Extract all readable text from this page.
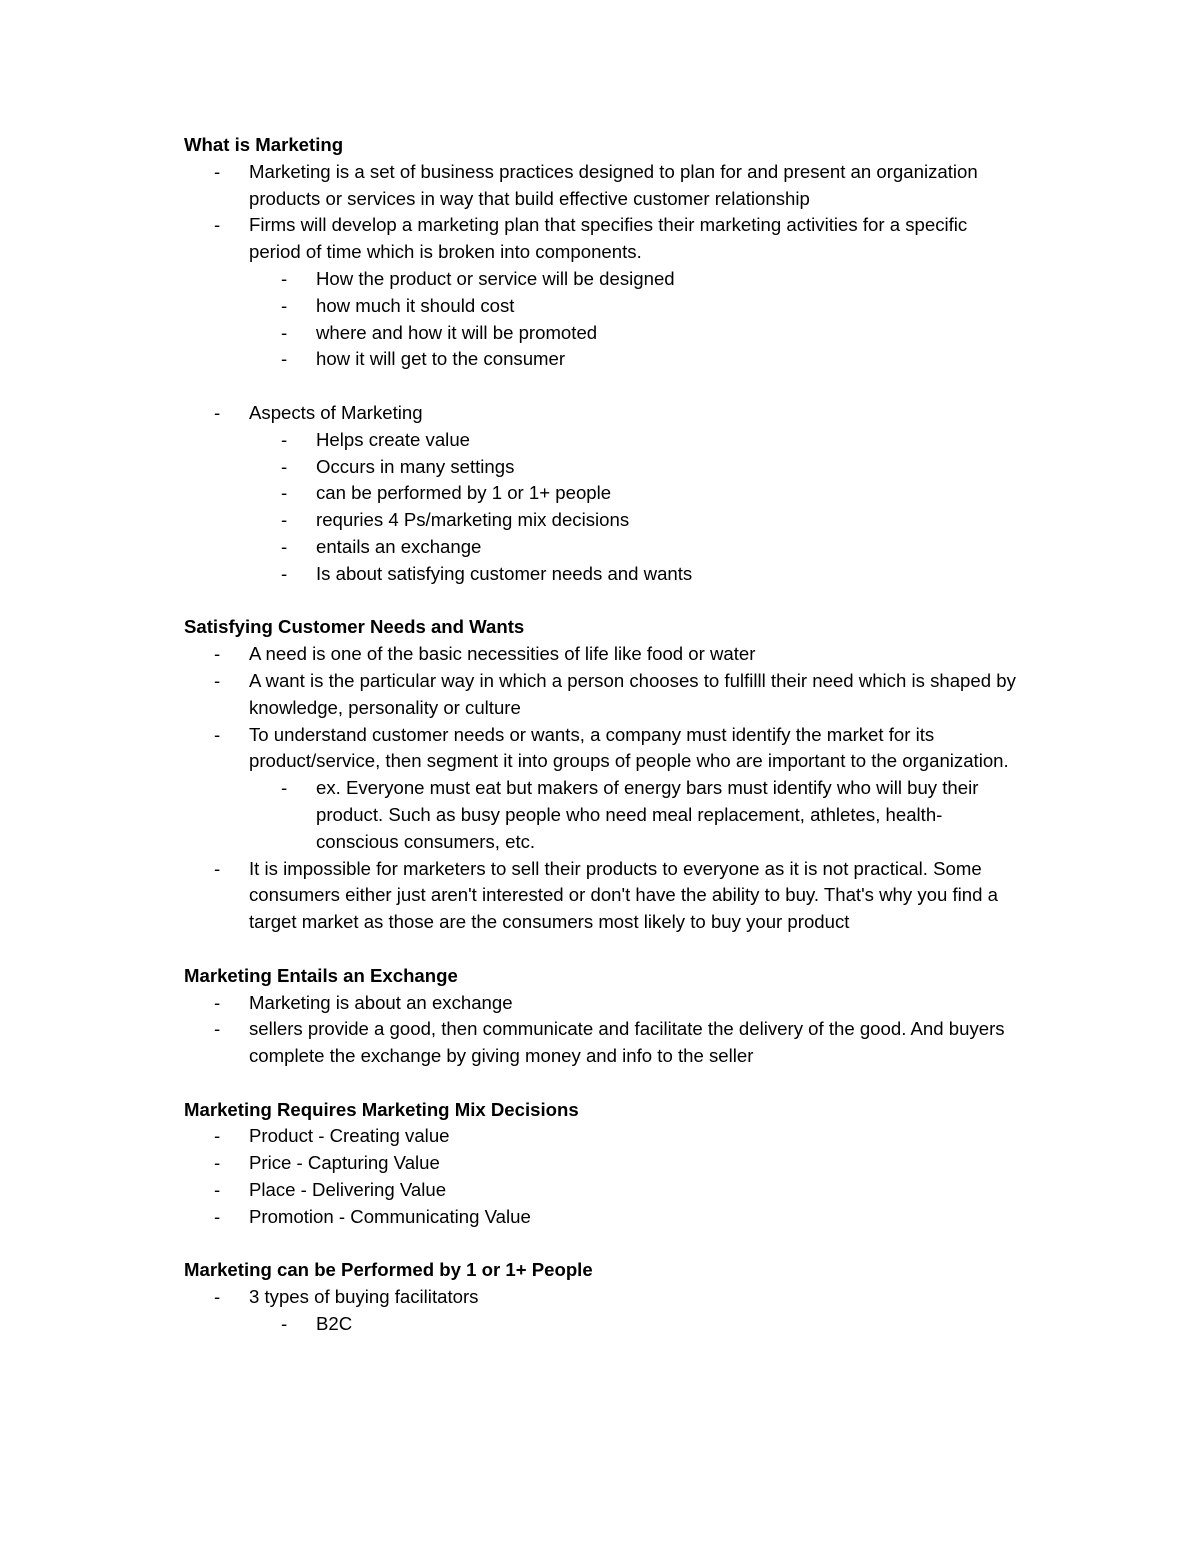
What is Marketing
- Marketing is a set of business practices designed to plan for and present an organization products or services in way that build effective customer relationship
- Firms will develop a marketing plan that specifies their marketing activities for a specific period of time which is broken into components.
- How the product or service will be designed
- how much it should cost
- where and how it will be promoted
- how it will get to the consumer
- Aspects of Marketing
- Helps create value
- Occurs in many settings
- can be performed by 1 or 1+ people
- requries 4 Ps/marketing mix decisions
- entails an exchange
- Is about satisfying customer needs and wants
Satisfying Customer Needs and Wants
- A need is one of the basic necessities of life like food or water
- A want is the particular way in which a person chooses to fulfilll their need which is shaped by knowledge, personality or culture
- To understand customer needs or wants, a company must identify the market for its product/service, then segment it into groups of people who are important to the organization.
- ex. Everyone must eat but makers of energy bars must identify who will buy their product. Such as busy people who need meal replacement, athletes, health-conscious consumers, etc.
- It is impossible for marketers to sell their products to everyone as it is not practical. Some consumers either just aren't interested or don't have the ability to buy. That's why you find a target market as those are the consumers most likely to buy your product
Marketing Entails an Exchange
- Marketing is about an exchange
- sellers provide a good, then communicate and facilitate the delivery of the good. And buyers complete the exchange by giving money and info to the seller
Marketing Requires Marketing Mix Decisions
- Product - Creating value
- Price - Capturing Value
- Place - Delivering Value
- Promotion - Communicating Value
Marketing can be Performed by 1 or 1+ People
- 3 types of buying facilitators
- B2C
